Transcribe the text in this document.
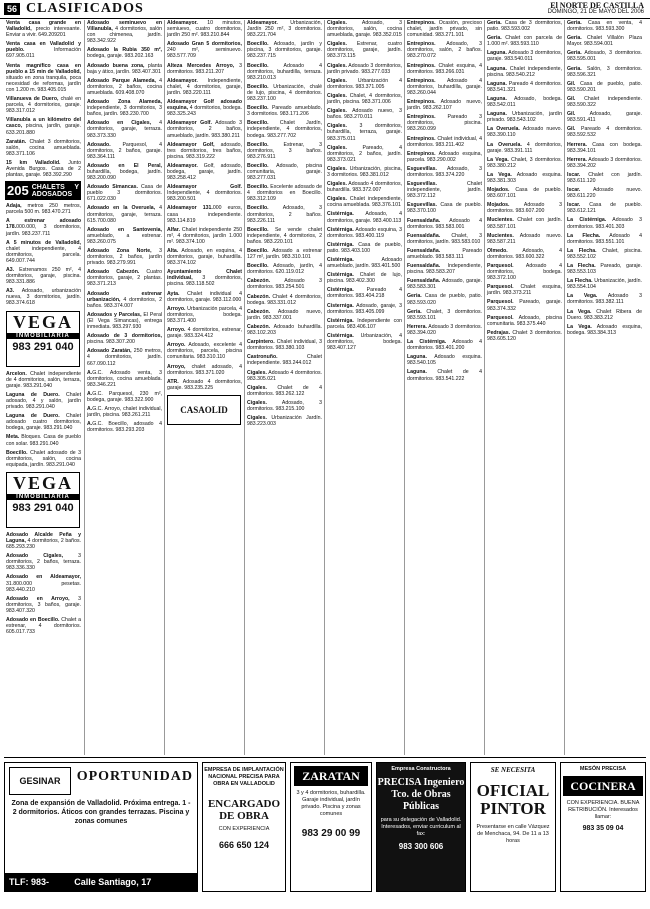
56 CLASIFICADOS	El NORTE DE CASTILLA
DOMINGO, 21 DE MAYO DEL 2006

Venta casa grande en Valladolid, precio interesante. Enviar a vivir. 649.209201

Venta casa en Valladolid y pueblo. Información 697.905.011

Venta magnífico casa en pueblo a 15 min de Valladolid, situado en zona tranquila, poca necesidad de reformas, jardín con 1.200 m. 983.405.015

Villanueva de Duero, chalé en parcela, 4 dormitorios, garaje. 983.317.012

Villanubla a un kilómetro del casco, piscina, jardín, garaje. 633.201.880

Zaratán. Chalet 3 dormitorios, salón, cocina amueblada. 983.371.106

15 km Valladolid. Junto Avenida Burgos. Casa de 2 plantas, garaje. 983.392.290

205 CHALETS Y ADOSADOS

Adaja, metros 250 metros, parcela 500 m. 983.470.271

A estrenar adosado 178.000.000, 3 dormitorios, jardín. 983.237.711

A 5 minutos de Valladolid, chalet independiente, 4 dormitorios, parcela. 649.007.744

A3. Estrenamos 250 m², 4 dormitorios, garaje, piscina. 983.331.886

A3. Adosado, urbanización nueva, 3 dormitorios, jardín. 983.374.618

VEGA
INMOBILIARIA
983 291 040

Arcelon. Chalet independiente de 4 dormitorios, salón, terraza, garaje. 983.291.040

Laguna de Duero. Chalet adosado, 4 y salón, jardín privado. 983.291.040

Laguna de Duero. Chalet adosado cuatro dormitorios, bodega, garaje. 983.291.040

Meta. Bloques. Casa de pueblo con solar. 983.291.040

Boecillo. Chalet adosado de 3 dormitorios, salón, cocina equipada, jardín. 983.291.040

VEGA
INMOBILIARIA
983 291 040

Adosado Alcalde Peña y Laguna, 4 dormitorios, 2 baños. 685.293.230

Adosado Cigales, 3 dormitorios, 2 baños, terraza. 983.336.330

Adosado en Aldeamayor, 31.800.000 pesetas. 983.440.210

Adosado en Arroyo, 3 dormitorios, 3 baños, garaje. 983.407.320

Adosado en Boecillo. Chalet a estrenar, 4 dormitorios. 605.017.733

Adosado seminuevo en Villanubla, 4 dormitorios, salón con chimenea, jardín. 983.342.922

Adosado la Rubia 350 m², bodega, garaje. 983.202.163

Adosado buena zona, planta baja y ático, jardín. 983.407.301

Adosado Parque Alameda, 4 dormitorios, 2 baños, cocina amueblada. 609.408.070

Adosado Zona Alameda, independiente, 3 dormitorios, 3 baños, jardín. 983.230.700

Adosado en Cigales, 4 dormitorios, garaje, terraza. 983.373.330

Adosado. Parquesol, 4 dormitorios, 2 baños, garaje. 983.364.111

Adosado en El Peral, buhardilla, bodega, jardín. 983.200.090

Adosado Simancas. Casa de pueblo 3 dormitorios. 671.022.030

Adosado en la Overuela, 4 dormitorios, garaje, terraza. 615.700.080

Adosado en Santovenia, amueblado, a estrenar. 983.260.075

Adosado Zona Norte, 3 dormitorios, 2 baños, jardín privado. 983.279.991

Adosado Cabezón. Cuatro dormitorios, garaje, 2 plantas. 983.371.213

Adosado estrenar urbanización, 4 dormitorios, 2 baños. 983.374.007

Adosados y Parcelas, El Peral (El Vega Simancas), entrega inmediata. 983.297.930

Adosado de 3 dormitorios, piscina. 983.307.200

Adosado Zaratán, 250 metros, 4 dormitorios, jardín. 667.090.112

A.G.C. Adosado venta, 3 dormitorios, cocina amueblada. 983.346.221

A.G.C. Parquesol, 230 m², bodega, garaje. 983.322.900

A.G.C. Arroyo, chalet individual, jardín, piscina. 983.261.211

A.G.C. Boecillo, adosado 4 dormitorios. 983.293.203

Aldeamayor. 10 minutos, semiuevo, cuatro dormitorios, jardín 250 m². 983.210.844

Adosado Gran 5 dormitorios, 240 m², seminuevo. 983.577.709

Alteza Mercedes Arroyo, 3 dormitorios. 983.211.207

Aldeamayor. Independiente, chalet, 4 dormitorios, garaje, jardín. 983.220.111

Aldeamayor Golf adosado esquina, 4 dormitorios, bodega. 983.325.243

Aldeamayor Golf. Adosado 3 dormitorios, 2 baños, amueblado, jardín. 983.380.211

Aldeamayor Golf, adosado, tres dormitorios, tres baños, piscina. 983.319.222

Aldeamayor. Golf, adosado, bodega, garaje, jardín. 983.258.412

Aldeamayor Golf. Independiente, 4 dormitorios. 983.200.501

Aldeamayor 131.000 euros, casa independiente. 983.114.819

Alfar. Chalet independiente 250 m², 4 dormitorios, jardín 1.000 m². 983.374.100

Alta. Adosado, en esquina, 4 dormitorios, garaje, buhardilla. 983.374.102

Ayuntamiento Chalet individual, 3 dormitorios, piscina. 983.118.502

Ayta. Chalet individual 4 dormitorios, garaje. 983.112.000

Arroyo. Urbanización parcela, 4 dormitorios, bodega. 983.371.400

Arroyo. 4 dormitorios, estrenar, garaje. 983.324.412

Arroyo. Adosado, excelente 4 dormitorios, parcela, piscina comunitaria. 983.310.110

Arroyo, chalet adosado, 4 dormitorios. 983.371.020

ATR. Adosado 4 dormitorios, garaje. 983.235.225

CASAOLID

Aldeamayor. Urbanización, Jardín 250 m², 3 dormitorios. 983.221.704

Boecillo. Adosado, jardín y piscina, 3 dormitorios, garaje. 983.237.715

Boecillo. Adosado 4 dormitorios, buhardilla, terraza. 983.210.013

Boecillo. Urbanización, chalé de lujo, piscina, 4 dormitorios. 983.237.100

Boecillo. Pareado amueblado, 3 dormitorios. 983.171.206

Boecillo. Chalet Jardín, independiente, 4 dormitorios, bodega. 983.277.702

Boecillo. Estrenar, 3 dormitorios, 3 baños. 983.276.911

Boecillo. Adosado, piscina comunitaria, garaje. 983.277.031

Boecillo. Excelente adosado de 4 dormitorios en Boecillo. 983.312.109

Boecillo. Adosado, 3 dormitorios, 2 baños. 983.226.111

Boecillo. Se vende chalet independiente, 4 dormitorios, 2 baños. 983.220.101

Boecillo. Adosado a estrenar 127 m², jardín. 983.310.101

Boecillo. Adosado, jardín, 4 dormitorios. 620.119.012

Cabezón. Adosado 3 dormitorios. 983.254.501

Cabezón. Chalet 4 dormitorios, bodega. 983.331.012

Cabezón. Adosado nuevo, jardín. 983.337.001

Cabezón. Adosado buhardilla. 983.102.203

Carpintero. Chalet individual, 3 dormitorios. 983.380.103

Castronuño. Chalet independiente. 983.244.012

Cigales. Adosado 4 dormitorios. 983.305.021

Cigales. Chalet de 4 dormitorios. 983.262.122

Cigales. Adosado, 3 dormitorios. 983.215.100

Cigales. Urbanización Jardín. 983.223.003

Cigales. Adosado, 3 dormitorios, salón, cocina amueblada, garaje. 983.352.015

Cigales. Estrenar, cuatro dormitorios, garaje, jardín. 983.373.115

Cigales. Adosado 3 dormitorios, jardín privado. 983.277.033

Cigales. Urbanización 4 dormitorios. 983.371.005

Cigales. Chalet, 4 dormitorios, jardín, piscina. 983.371.006

Cigales. Adosado nuevo, 3 baños. 983.270.011

Cigales. 3 dormitorios, buhardilla, terraza, garaje. 983.375.011

Cigales. Pareado, 4 dormitorios, 2 baños, jardín. 983.373.021

Cigales. Urbanización, piscina, 3 dormitorios. 983.381.012

Cigales. Adosado 4 dormitorios, buhardilla. 983.372.007

Cigales. Chalet independiente, cocina amueblada. 983.376.101

Cistérniga. Adosado, 4 dormitorios, garaje. 983.400.113

Cistérniga. Adosado esquina, 3 dormitorios. 983.400.119

Cistérniga. Casa de pueblo, patio. 983.403.100

Cistérniga. Adosado amueblado, jardín. 983.401.500

Cistérniga. Chalet de lujo, piscina. 983.402.300

Cistérniga. Pareado 4 dormitorios. 983.404.218

Cisterniga. Adosado, garaje, 3 dormitorios. 983.405.099

Cistérniga. Independiente con parcela. 983.406.107

Cistérniga. Urbanización, 4 dormitorios, bodega. 983.407.127

Entrepinos. Ocasión, precioso chalet, jardín privado, sin comunidad. 983.271.101

Entrepinos. Adosado, 3 dormitorios, salón, 2 baños. 983.270.072

Entrepinos. Chalet esquina, 4 dormitorios. 983.266.031

Entrepinos. Adosado 4 dormitorios, buhardilla, garaje. 983.260.044

Entrepinos. Adosado nuevo, jardín. 983.262.107

Entrepinos. Pareado 3 dormitorios, piscina. 983.260.099

Entrepinos. Chalet individual, 4 dormitorios. 983.211.402

Entrepinos. Adosado esquina, parcela. 983.290.002

Esguevillas. Adosado, 3 dormitorios. 983.374.220

Esguevillas. Chalet independiente, jardín. 983.372.112

Esguevillas. Casa de pueblo. 983.370.100

Fuensaldaña. Adosado 4 dormitorios. 983.583.001

Fuensaldaña. Chalet, 3 dormitorios, jardín. 983.583.010

Fuensaldaña. Pareado amueblado. 983.583.111

Fuensaldaña. Independiente, piscina. 983.583.207

Fuensaldaña. Adosado, garaje. 983.583.301

Geria. Casa de pueblo, patio. 983.593.020

Geria. Chalet, 3 dormitorios. 983.593.101

Herrera. Adosado 3 dormitorios. 983.394.020

La Cistérniga. Adosado 4 dormitorios. 983.401.200

Laguna. Adosado esquina. 983.540.105

Laguna. Chalet de 4 dormitorios. 983.541.222

Geria. Casa de 3 dormitorios, patio. 983.593.002

Geria. Chalet con parcela de 1.000 m². 983.593.110

Laguna. Adosado 3 dormitorios, garaje. 983.540.011

Laguna. Chalet independiente, piscina. 983.540.212

Laguna. Pareado 4 dormitorios. 983.541.321

Laguna. Adosado, bodega. 983.542.011

Laguna. Urbanización, jardín privado. 983.543.102

La Overuela. Adosado nuevo. 983.390.110

La Overuela. 4 dormitorios, garaje. 983.391.111

La Vega. Chalet, 3 dormitorios. 983.380.212

La Vega. Adosado esquina. 983.381.303

Mojados. Casa de pueblo. 983.607.101

Mojados. Adosado 3 dormitorios. 983.607.200

Mucientes. Chalet con jardín. 983.587.101

Mucientes. Adosado nuevo. 983.587.211

Olmedo. Adosado, 4 dormitorios. 983.600.322

Parquesol. Adosado 4 dormitorios, bodega. 983.372.100

Parquesol. Chalet esquina, jardín. 983.373.211

Parquesol. Pareado, garaje. 983.374.332

Parquesol. Adosado, piscina comunitaria. 983.375.440

Pedrajas. Chalet 3 dormitorios. 983.605.120

Geria. Casa en venta, 4 dormitorios. 983.593.300

Geria. Chalet Villalón Plaza Mayor. 983.594.001

Geria. Adosado, 3 dormitorios. 983.595.001

Geria. Salón, 3 dormitorios. 983.596.321

Gil. Casa de pueblo, patio. 983.590.201

Gil. Chalet independiente. 983.590.322

Gil. Adosado, garaje. 983.591.411

Gil. Pareado 4 dormitorios. 983.592.532

Herrera. Casa con bodega. 983.394.101

Herrera. Adosado 3 dormitorios. 983.394.202

Iscar. Chalet con jardín. 983.611.120

Iscar. Adosado nuevo. 983.611.220

Iscar. Casa de pueblo. 983.612.121

La Cistérniga. Adosado 3 dormitorios. 983.401.303

La Flecha. Adosado 4 dormitorios. 983.551.101

La Flecha. Chalet, piscina. 983.552.102

La Flecha. Pareado, garaje. 983.553.103

La Flecha. Urbanización, jardín. 983.554.104

La Vega. Adosado 3 dormitorios. 983.382.111

La Vega. Chalet Ribera de Duero. 983.383.212

La Vega. Adosado esquina, bodega. 983.384.313

GESINAR	OPORTUNIDAD
Zona de expansión de Valladolid. Próxima entrega. 1 - 2 dormitorios. Áticos con grandes terrazas. Piscina y zonas comunes
TLF: 983-290099
Calle Santiago, 17 (Valladolid)
EMPRESA DE IMPLANTACIÓN NACIONAL PRECISA PARA OBRA EN VALLADOLID
ENCARGADO DE OBRA
CON EXPERIENCIA
666 650 124
ZARATAN
3 y 4 dormitorios, buhardilla. Garaje individual, jardín privado. Piscina y zonas comunes
983 29 00 99
Empresa Constructora
PRECISA Ingeniero Tco. de Obras Públicas
para su delegación de Valladolid. Interesados, enviar curriculum al fax:
983 300 606
SE NECESITA
OFICIAL PINTOR
Presentarse en calle Vázquez de Menchaca, 94. De 11 a 13 horas
MESÓN PRECISA
COCINERA
CON EXPERIENCIA. BUENA RETRIBUCIÓN. Interesados llamar:
983 35 09 04
